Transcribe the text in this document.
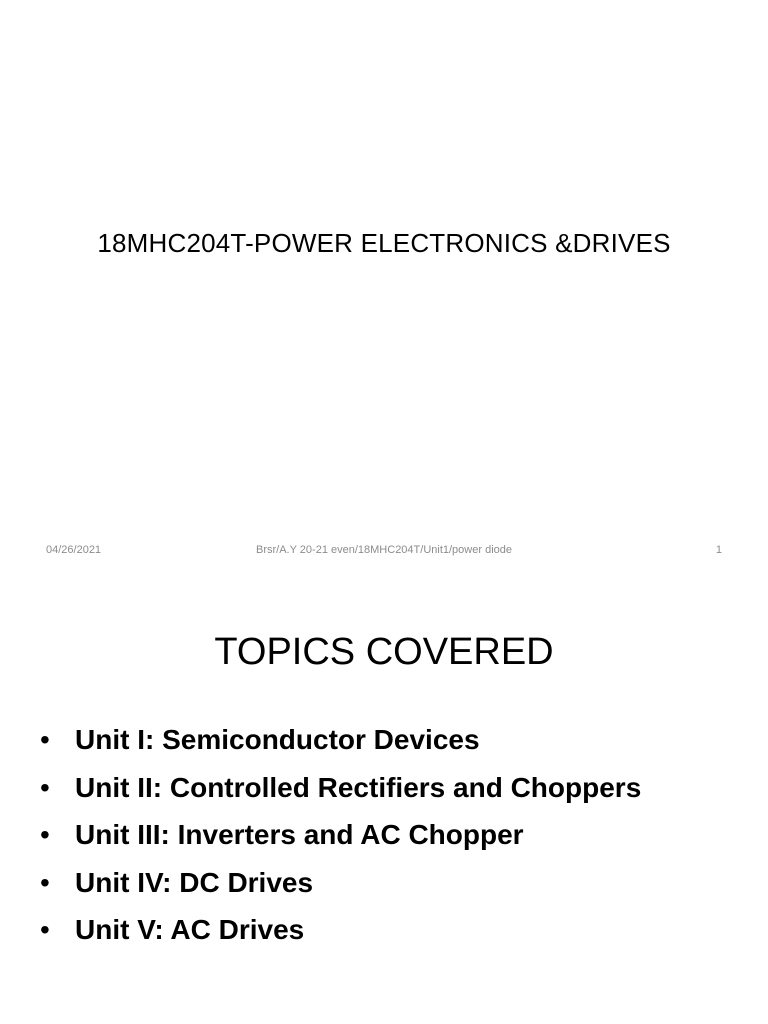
18MHC204T-POWER ELECTRONICS &DRIVES
04/26/2021	Brsr/A.Y 20-21 even/18MHC204T/Unit1/power diode	1
TOPICS COVERED
• Unit I: Semiconductor Devices
• Unit II: Controlled Rectifiers and Choppers
• Unit III: Inverters and AC Chopper
• Unit IV: DC Drives
• Unit V: AC Drives
